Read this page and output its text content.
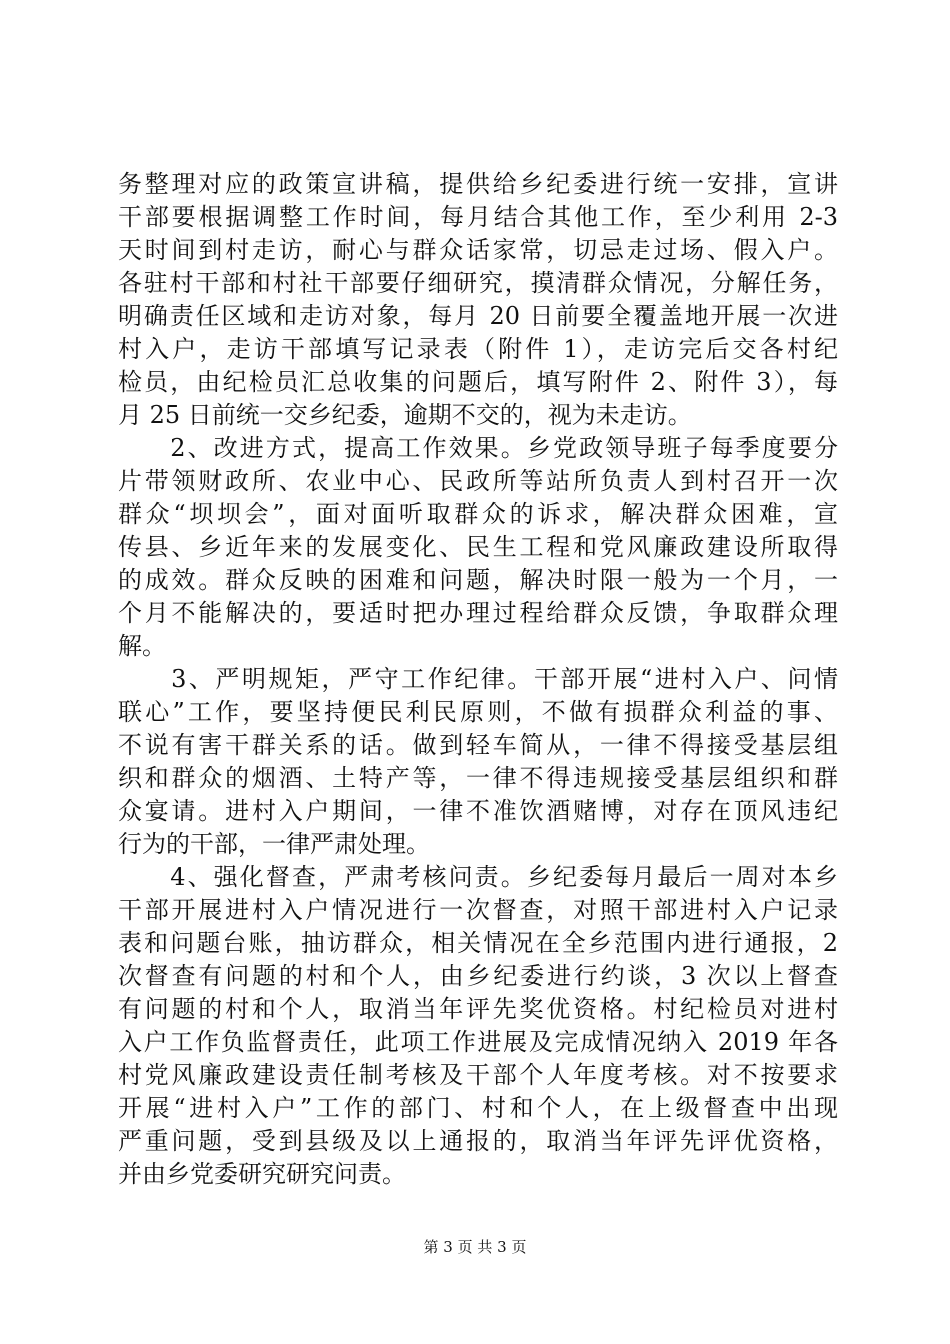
务整理对应的政策宣讲稿，提供给乡纪委进行统一安排，宣讲
干部要根据调整工作时间，每月结合其他工作，至少利用 2-3
天时间到村走访，耐心与群众话家常，切忌走过场、假入户。
各驻村干部和村社干部要仔细研究，摸清群众情况，分解任务，
明确责任区域和走访对象，每月 20 日前要全覆盖地开展一次进
村入户，走访干部填写记录表（附件 1），走访完后交各村纪
检员，由纪检员汇总收集的问题后，填写附件 2、附件 3），每
月 25 日前统一交乡纪委，逾期不交的，视为未走访。
　　2、改进方式，提高工作效果。乡党政领导班子每季度要分
片带领财政所、农业中心、民政所等站所负责人到村召开一次
群众“坝坝会”，面对面听取群众的诉求，解决群众困难，宣
传县、乡近年来的发展变化、民生工程和党风廉政建设所取得
的成效。群众反映的困难和问题，解决时限一般为一个月，一
个月不能解决的，要适时把办理过程给群众反馈，争取群众理
解。
　　3、严明规矩，严守工作纪律。干部开展“进村入户、问情
联心”工作，要坚持便民利民原则，不做有损群众利益的事、
不说有害干群关系的话。做到轻车简从，一律不得接受基层组
织和群众的烟酒、土特产等，一律不得违规接受基层组织和群
众宴请。进村入户期间，一律不准饮酒赌博，对存在顶风违纪
行为的干部，一律严肃处理。
　　4、强化督查，严肃考核问责。乡纪委每月最后一周对本乡
干部开展进村入户情况进行一次督查，对照干部进村入户记录
表和问题台账，抽访群众，相关情况在全乡范围内进行通报，2
次督查有问题的村和个人，由乡纪委进行约谈，3 次以上督查
有问题的村和个人，取消当年评先奖优资格。村纪检员对进村
入户工作负监督责任，此项工作进展及完成情况纳入 2019 年各
村党风廉政建设责任制考核及干部个人年度考核。对不按要求
开展“进村入户”工作的部门、村和个人，在上级督查中出现
严重问题，受到县级及以上通报的，取消当年评先评优资格，
并由乡党委研究研究问责。
第 3 页 共 3 页
